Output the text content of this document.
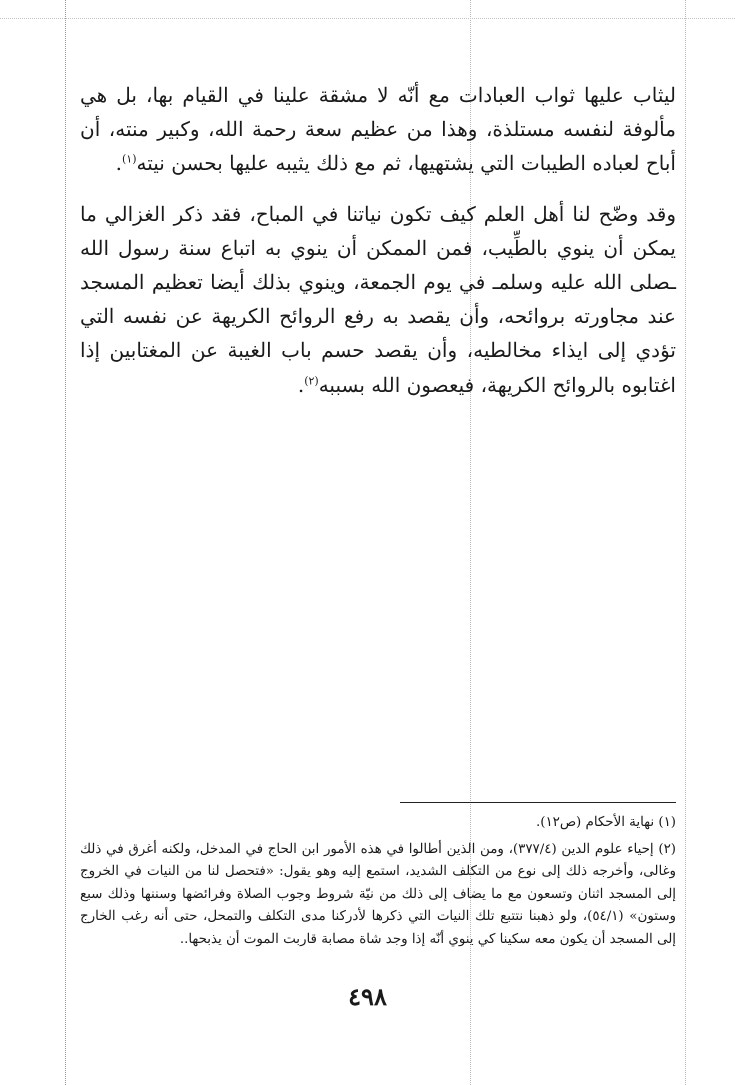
ليثاب عليها ثواب العبادات مع أنّه لا مشقة علينا في القيام بها، بل هي مألوفة لنفسه مستلذة، وهذا من عظيم سعة رحمة الله، وكبير منته، أن أباح لعباده الطيبات التي يشتهيها، ثم مع ذلك يثيبه عليها بحسن نيته$^{(١)}$.

وقد وضّح لنا أهل العلم كيف تكون نياتنا في المباح، فقد ذكر الغزالي ما يمكن أن ينوي بالطِّيب، فمن الممكن أن ينوي به اتباع سنة رسول الله ـصلى الله عليه وسلمـ في يوم الجمعة، وينوي بذلك أيضا تعظيم المسجد عند مجاورته بروائحه، وأن يقصد به رفع الروائح الكريهة عن نفسه التي تؤدي إلى ايذاء مخالطيه، وأن يقصد حسم باب الغيبة عن المغتابين إذا اغتابوه بالروائح الكريهة، فيعصون الله بسببه$^{(٢)}$.

(١) نهاية الأحكام (ص١٢).

(٢) إحياء علوم الدين (٣٧٧/٤)، ومن الذين أطالوا في هذه الأمور ابن الحاج في المدخل، ولكنه أغرق في ذلك وغالى، وأخرجه ذلك إلى نوع من التكلف الشديد، استمع إليه وهو يقول: «فتحصل لنا من النيات في الخروج إلى المسجد اثنان وتسعون مع ما يضاف إلى ذلك من نيّة شروط وجوب الصلاة وفرائضها وسننها وذلك سبع وستون» (٥٤/١)، ولو ذهبنا نتتبع تلك النيات التي ذكرها لأدركنا مدى التكلف والتمحل، حتى أنه رغب الخارج إلى المسجد أن يكون معه سكينا كي ينوي أنّه إذا وجد شاة مصابة قاربت الموت أن يذبحها..

٤٩٨
